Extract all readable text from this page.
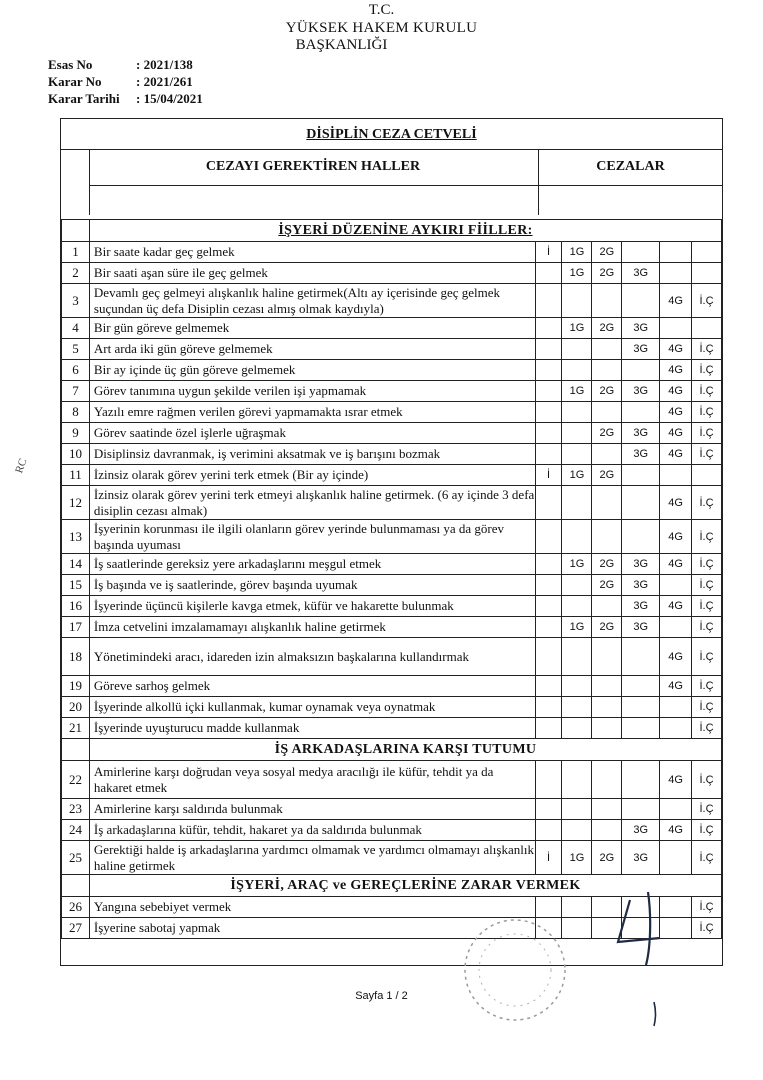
T.C.
YÜKSEK HAKEM KURULU
BAŞKANLIĞI
Esas No	: 2021/138
Karar No	: 2021/261
Karar Tarihi : 15/04/2021
RC
DİSİPLİN CEZA CETVELİ
CEZAYI GEREKTİREN HALLER	CEZALAR
	İŞYERİ DÜZENİNE AYKIRI FİİLLER:						
1	Bir saate kadar geç gelmek	İ	1G	2G			
2	Bir saati aşan süre ile geç gelmek		1G	2G	3G		
3	Devamlı geç gelmeyi alışkanlık haline getirmek(Altı ay içerisinde geç gelmek suçundan üç defa Disiplin cezası almış olmak kaydıyla)					4G	İ.Ç
4	Bir gün göreve gelmemek		1G	2G	3G		
5	Art arda iki gün göreve gelmemek				3G	4G	İ.Ç
6	Bir ay içinde üç gün göreve gelmemek					4G	İ.Ç
7	Görev tanımına uygun şekilde verilen işi yapmamak		1G	2G	3G	4G	İ.Ç
8	Yazılı emre rağmen verilen görevi yapmamakta ısrar etmek					4G	İ.Ç
9	Görev saatinde özel işlerle uğraşmak			2G	3G	4G	İ.Ç
10	Disiplinsiz davranmak, iş verimini aksatmak ve iş barışını bozmak				3G	4G	İ.Ç
11	İzinsiz olarak görev yerini terk etmek (Bir ay içinde)	İ	1G	2G			
12	İzinsiz olarak görev yerini terk etmeyi alışkanlık haline getirmek. (6 ay içinde 3 defa disiplin cezası almak)					4G	İ.Ç
13	İşyerinin korunması ile ilgili olanların görev yerinde bulunmaması ya da görev başında uyuması					4G	İ.Ç
14	İş saatlerinde gereksiz yere arkadaşlarını meşgul etmek		1G	2G	3G	4G	İ.Ç
15	İş başında ve iş saatlerinde, görev başında uyumak			2G	3G		İ.Ç
16	İşyerinde üçüncü kişilerle kavga etmek, küfür ve hakarette bulunmak				3G	4G	İ.Ç
17	İmza cetvelini imzalamamayı alışkanlık haline getirmek		1G	2G	3G		İ.Ç
18	Yönetimindeki aracı, idareden izin almaksızın başkalarına kullandırmak					4G	İ.Ç
19	Göreve sarhoş gelmek					4G	İ.Ç
20	İşyerinde alkollü içki kullanmak, kumar oynamak veya oynatmak						İ.Ç
21	İşyerinde uyuşturucu madde kullanmak						İ.Ç
	İŞ ARKADAŞLARINA KARŞI TUTUMU						
22	Amirlerine karşı doğrudan veya sosyal medya aracılığı ile küfür, tehdit ya da hakaret etmek					4G	İ.Ç
23	Amirlerine karşı saldırıda bulunmak						İ.Ç
24	İş arkadaşlarına küfür, tehdit, hakaret ya da saldırıda bulunmak				3G	4G	İ.Ç
25	Gerektiği halde iş arkadaşlarına yardımcı olmamak ve yardımcı olmamayı alışkanlık haline getirmek	İ	1G	2G	3G		İ.Ç
	İŞYERİ, ARAÇ ve GEREÇLERİNE ZARAR VERMEK						
26	Yangına sebebiyet vermek						İ.Ç
27	İşyerine sabotaj yapmak						İ.Ç
Sayfa 1 / 2
